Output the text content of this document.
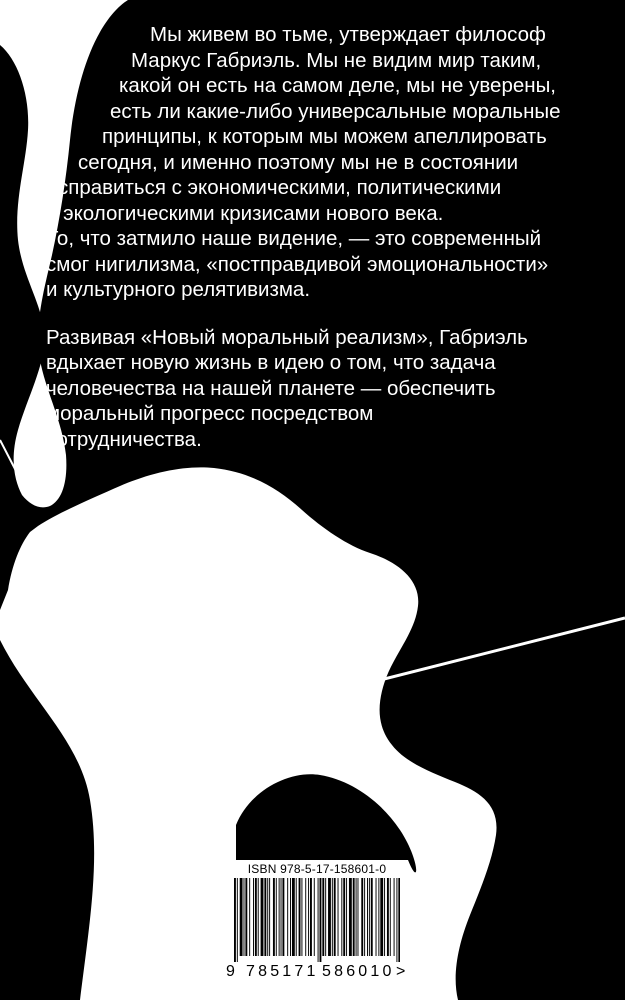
Мы живем во тьме, утверждает философ
Маркус Габриэль. Мы не видим мир таким,
какой он есть на самом деле, мы не уверены,
есть ли какие-либо универсальные моральные
принципы, к которым мы можем апеллировать
сегодня, и именно поэтому мы не в состоянии
справиться с экономическими, политическими
и экологическими кризисами нового века.
То, что затмило наше видение, — это современный
смог нигилизма, «постправдивой эмоциональности»
и культурного релятивизма.
Развивая «Новый моральный реализм», Габриэль
вдыхает новую жизнь в идею о том, что задача
человечества на нашей планете — обеспечить
моральный прогресс посредством
сотрудничества.
ISBN 978-5-17-158601-0
9 785171 586010 >
